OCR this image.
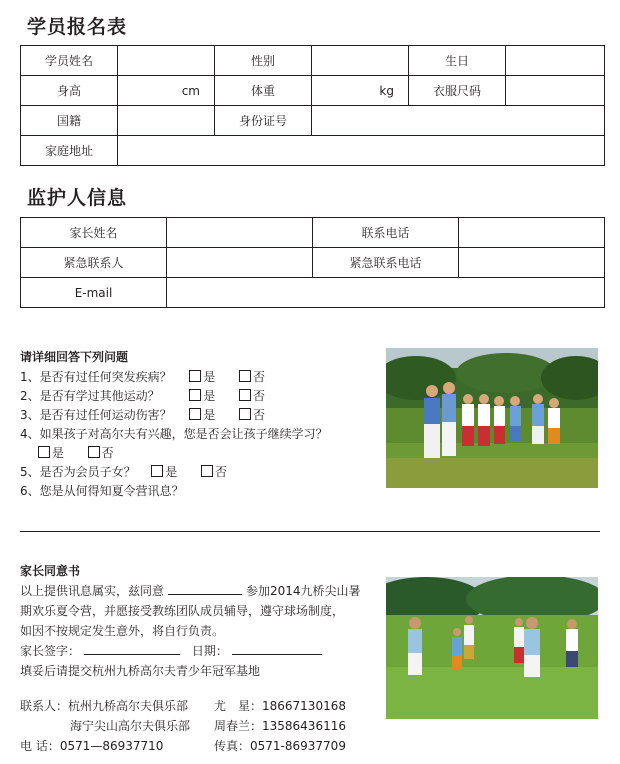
学员报名表
学员姓名		性别		生日	
身高	cm	体重	kg	衣服尺码	
国籍		身份证号			
家庭地址					
监护人信息
家长姓名		联系电话	
紧急联系人		紧急联系电话	
E-mail			
请详细回答下列问题
1、是否有过任何突发疾病？	是	否
2、是否有学过其他运动？	是	否
3、是否有过任何运动伤害？	是	否
4、如果孩子对高尔夫有兴趣，您是否会让孩子继续学习？
是	否
5、是否为会员子女？ 是	否
6、您是从何得知夏令营讯息？
家长同意书
以上提供讯息属实，兹同意	参加2014九桥尖山暑
期欢乐夏令营，并愿接受教练团队成员辅导，遵守球场制度，
如因不按规定发生意外，将自行负责。
家长签字：	日期：
填妥后请提交杭州九桥高尔夫青少年冠军基地
联系人：杭州九桥高尔夫俱乐部 尤　星：18667130168
海宁尖山高尔夫俱乐部 周春兰：13586436116
电 话：0571—86937710	传真：0571-86937709
